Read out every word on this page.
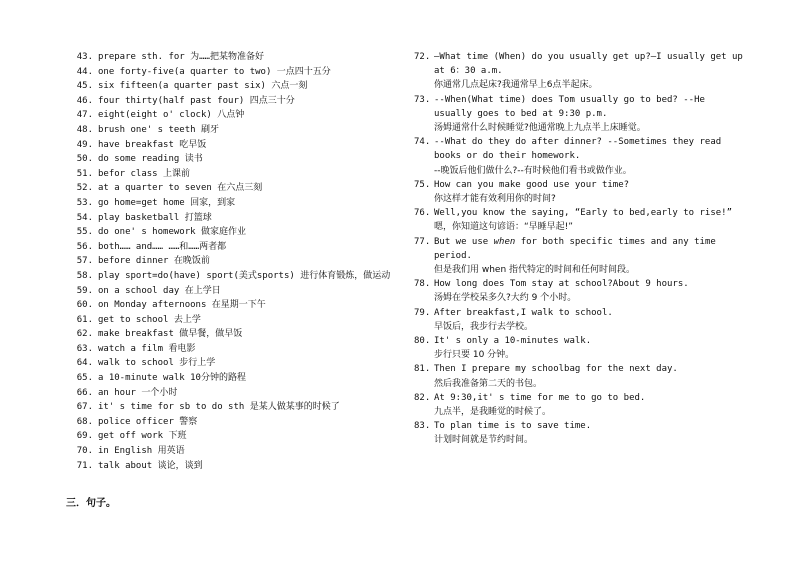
43. prepare sth. for 为……把某物准备好
44. one forty-five(a quarter to two) 一点四十五分
45. six fifteen(a quarter past six) 六点一刻
46. four thirty(half past four) 四点三十分
47. eight(eight o' clock) 八点钟
48. brush one' s teeth 刷牙
49. have breakfast 吃早饭
50. do some reading 读书
51. befor class 上课前
52. at a quarter to seven 在六点三刻
53. go home=get home 回家，到家
54. play basketball 打篮球
55. do one' s homework 做家庭作业
56. both…… and…… ……和……两者都
57. before dinner 在晚饭前
58. play sport=do(have) sport(美式sports) 进行体育锻炼，做运动
59. on a school day 在上学日
60. on Monday afternoons 在星期一下午
61. get to school 去上学
62. make breakfast 做早餐，做早饭
63. watch a film 看电影
64. walk to school 步行上学
65. a 10-minute walk 10分钟的路程
66. an hour 一个小时
67. it' s time for sb to do sth 是某人做某事的时候了
68. police officer 警察
69. get off work 下班
70. in English 用英语
71. talk about 谈论，谈到
三．句子。
72. —What time (When) do you usually get up?—I usually get up at 6：30 a.m.
你通常几点起床?我通常早上6点半起床。
73. --When(What time) does Tom usually go to bed? --He usually goes to bed at 9:30 p.m.
汤姆通常什么时候睡觉?他通常晚上九点半上床睡觉。
74. --What do they do after dinner? --Sometimes they read books or do their homework.
--晚饭后他们做什么?--有时候他们看书或做作业。
75. How can you make good use your time?
你这样才能有效利用你的时间?
76. Well,you know the saying, “Early to bed,early to rise!”
嗯，你知道这句谚语：“早睡早起!”
77. But we use when for both specific times and any time period.
但是我们用 when 指代特定的时间和任何时间段。
78. How long does Tom stay at school?About 9 hours.
汤姆在学校呆多久?大约 9 个小时。
79. After breakfast,I walk to school.
早饭后，我步行去学校。
80. It' s only a 10-minutes walk.
步行只要 10 分钟。
81. Then I prepare my schoolbag for the next day.
然后我准备第二天的书包。
82. At 9:30,it' s time for me to go to bed.
九点半，是我睡觉的时候了。
83. To plan time is to save time.
计划时间就是节约时间。
